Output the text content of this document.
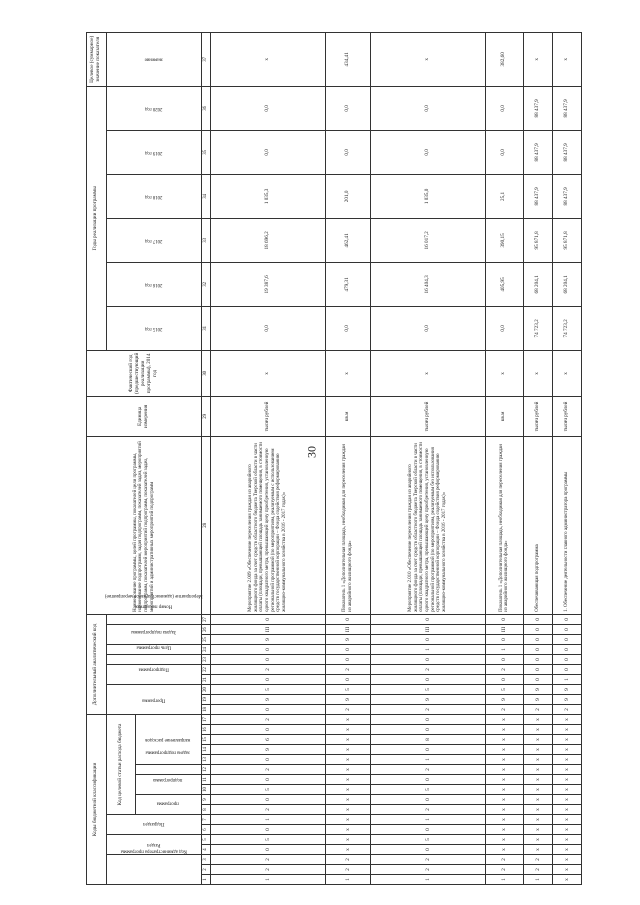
30
Коды бюджетной классификации																	Дополнительный аналитический код										Наименование программы, целей программы, показателей цели программы, наименование подпрограмм, задач подпрограмм, показателей задач, мероприятий подпрограмм, показателей мероприятий подпрограмм, показателей задач, мероприятий и административных мероприятий подпрограмм	Единица измерения	Фактический год (предшествующий реализации программы), 2014 год	Годы реализации программы						Целевое (суммарное) значение показателя
Код администратора программы			Раздел		Подраздел		Код целевой статьи расхода бюджета										Программа			Подпрограмма		Цель программы	Задача подпрограммы	Мероприятие (административное мероприятие)		Номер показателя				2015 год	2016 год	2017 год	2018 год	2019 год	2020 год	значение
							программа		подпрограмма		задача подпрограммы	направление расходов																								
1	2	3	4	5	6	7	8	9	10	11	12	13	14	15	16	17	18	19	20	21	22	23	24	25	26	27	28	29	30	31	32	33	34	35	36	37
1	2	2	0	5	0	1	2	0	5	0	2	0	9	6	0	2	0	9	5	0	2	0	0	9	III	0	Мероприятие 2.009 «Обеспечение переселения граждан из аварийного жилищного фонда за счет средств областного бюджета Тверской области в части оплаты (площади, превышающей площадь занимаемого помещения, в стоимости одного квадратного метра, превышающей цену приобретения, установленную региональной программой (по мероприятиям, реализуемым с использованием средств государственной корпорации – Фонда содействия реформированию жилищно-коммунального хозяйства в 2016 - 2017 годах)»	тысяч рублей	x	0,0	19 387,6	18 696,2	1 035,3	0,0	0,0	x
1	2	2	x	x	x	x	x	x	x	x	x	x	x	x	x	x	2	9	5	0	2	0	0	9	III	0	Показатель 1 «Дополнительная площадь, необходимая для переселения граждан из аварийного жилищного фонда»	кв.м	x	0,0	479,31	462,41	201,0	0,0	0,0	434,41
1	2	2	0	5	0	1	2	0	5	0	2	1	0	8	0	0	2	9	5	0	2	0	1	0	III	0	Мероприятие 2.010 «Обеспечение переселения граждан из аварийного жилищного фонда за счет средств областного бюджета Тверской области в части оплаты (площади, превышающей площадь занимаемого помещения, в стоимости одного квадратного метра, превышающей цену приобретения, установленную региональной программой (по мероприятиям, реализуемым без использования средств государственной корпорации – Фонда содействия реформированию жилищно-коммунального хозяйства в 2016 - 2017 годах)»	тысяч рублей	x	0,0	16 404,3	16 017,2	1 035,0	0,0	0,0	x
1	2	2	x	x	x	x	x	x	x	x	x	x	x	x	x	x	2	9	5	0	2	0	1	0	III	0	Показатель 1 «Дополнительная площадь, необходимая для переселения граждан из аварийного жилищного фонда»	кв.м	x	0,0	405,95	390,15	25,1	0,0	0,0	382,60
1	2	2	x	x	x	x	x	x	x	x	x	x	x	x	x	x	2	9	9	0	0	0	0	0	0	0	Обеспечивающая подпрограмма	тысяч рублей	x	74 723,2	68 204,1	95 871,8	88 437,9	88 437,9	88 437,9	x
x	x	x	x	x	x	x	x	x	x	x	x	x	x	x	x	x	2	9	9	1	0	0	0	0	0	0	1. Обеспечение деятельности главного администратора программы	тысяч рублей	x	74 723,2	68 204,1	95 871,8	88 437,9	88 437,9	88 437,9	x
